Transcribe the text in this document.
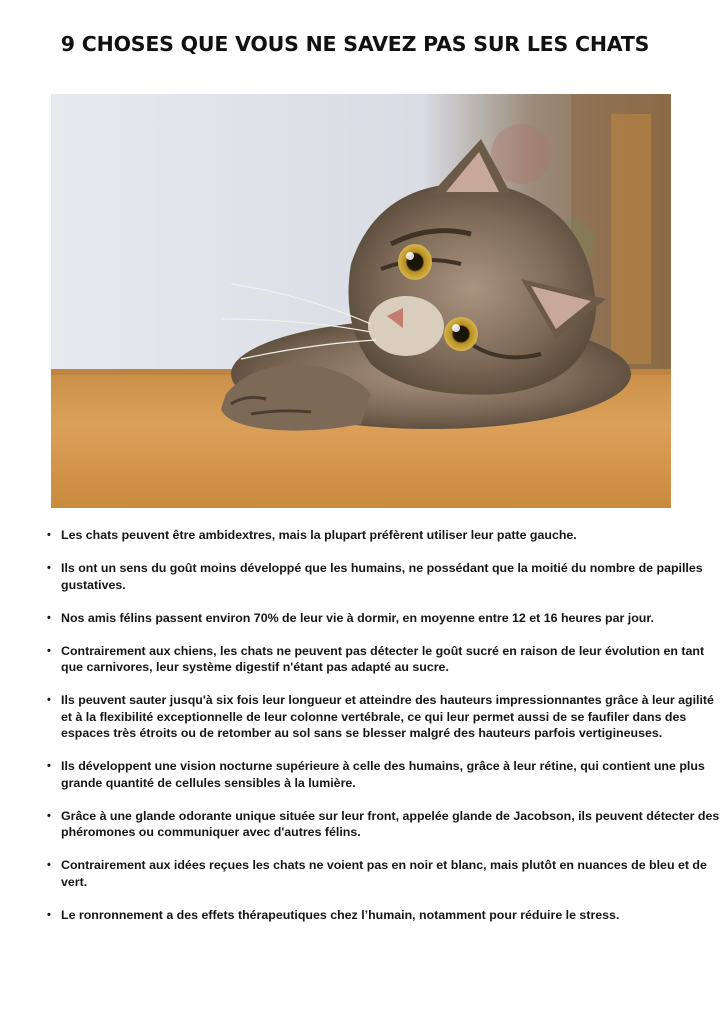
9 CHOSES QUE VOUS NE SAVEZ PAS SUR LES CHATS
• Les chats peuvent être ambidextres, mais la plupart préfèrent utiliser leur patte gauche.
• Ils ont un sens du goût moins développé que les humains, ne possédant que la moitié du nombre de papilles gustatives.
• Nos amis félins passent environ 70% de leur vie à dormir, en moyenne entre 12 et 16 heures par jour.
• Contrairement aux chiens, les chats ne peuvent pas détecter le goût sucré en raison de leur évolution en tant que carnivores, leur système digestif n'étant pas adapté au sucre.
• Ils peuvent sauter jusqu'à six fois leur longueur et atteindre des hauteurs impressionnantes grâce à leur agilité et à la flexibilité exceptionnelle de leur colonne vertébrale, ce qui leur permet aussi de se faufiler dans des espaces très étroits ou de retomber au sol sans se blesser malgré des hauteurs parfois vertigineuses.
• Ils développent une vision nocturne supérieure à celle des humains, grâce à leur rétine, qui contient une plus grande quantité de cellules sensibles à la lumière.
• Grâce à une glande odorante unique située sur leur front, appelée glande de Jacobson, ils peuvent détecter des phéromones ou communiquer avec d'autres félins.
• Contrairement aux idées reçues les chats ne voient pas en noir et blanc, mais plutôt en nuances de bleu et de vert.
• Le ronronnement a des effets thérapeutiques chez l’humain, notamment pour réduire le stress.
